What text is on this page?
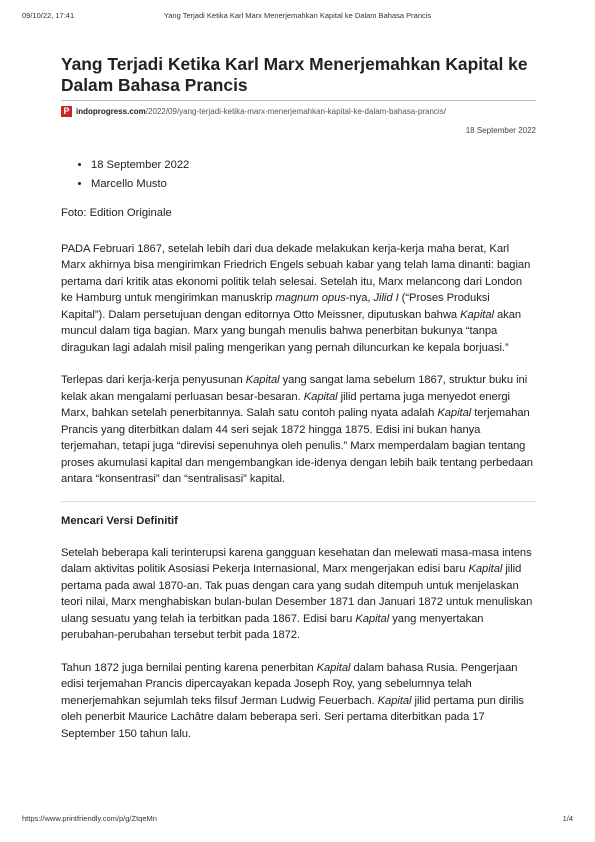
09/10/22, 17:41	Yang Terjadi Ketika Karl Marx Menerjemahkan Kapital ke Dalam Bahasa Prancis
Yang Terjadi Ketika Karl Marx Menerjemahkan Kapital ke Dalam Bahasa Prancis
P indoprogress.com/2022/09/yang-terjadi-ketika-marx-menerjemahkan-kapital-ke-dalam-bahasa-prancis/
18 September 2022
• 18 September 2022
• Marcello Musto

Foto: Edition Originale

PADA Februari 1867, setelah lebih dari dua dekade melakukan kerja-kerja maha berat, Karl Marx akhirnya bisa mengirimkan Friedrich Engels sebuah kabar yang telah lama dinanti: bagian pertama dari kritik atas ekonomi politik telah selesai. Setelah itu, Marx melancong dari London ke Hamburg untuk mengirimkan manuskrip magnum opus-nya, Jilid I (“Proses Produksi Kapital”). Dalam persetujuan dengan editornya Otto Meissner, diputuskan bahwa Kapital akan muncul dalam tiga bagian. Marx yang bungah menulis bahwa penerbitan bukunya “tanpa diragukan lagi adalah misil paling mengerikan yang pernah diluncurkan ke kepala borjuasi.”

Terlepas dari kerja-kerja penyusunan Kapital yang sangat lama sebelum 1867, struktur buku ini kelak akan mengalami perluasan besar-besaran. Kapital jilid pertama juga menyedot energi Marx, bahkan setelah penerbitannya. Salah satu contoh paling nyata adalah Kapital terjemahan Prancis yang diterbitkan dalam 44 seri sejak 1872 hingga 1875. Edisi ini bukan hanya terjemahan, tetapi juga “direvisi sepenuhnya oleh penulis.” Marx memperdalam bagian tentang proses akumulasi kapital dan mengembangkan ide-idenya dengan lebih baik tentang perbedaan antara “konsentrasi” dan “sentralisasi” kapital.

Mencari Versi Definitif

Setelah beberapa kali terinterupsi karena gangguan kesehatan dan melewati masa-masa intens dalam aktivitas politik Asosiasi Pekerja Internasional, Marx mengerjakan edisi baru Kapital jilid pertama pada awal 1870-an. Tak puas dengan cara yang sudah ditempuh untuk menjelaskan teori nilai, Marx menghabiskan bulan-bulan Desember 1871 dan Januari 1872 untuk menuliskan ulang sesuatu yang telah ia terbitkan pada 1867. Edisi baru Kapital yang menyertakan perubahan-perubahan tersebut terbit pada 1872.

Tahun 1872 juga bernilai penting karena penerbitan Kapital dalam bahasa Rusia. Pengerjaan edisi terjemahan Prancis dipercayakan kepada Joseph Roy, yang sebelumnya telah menerjemahkan sejumlah teks filsuf Jerman Ludwig Feuerbach. Kapital jilid pertama pun dirilis oleh penerbit Maurice Lachâtre dalam beberapa seri. Seri pertama diterbitkan pada 17 September 150 tahun lalu.

https://www.printfriendly.com/p/g/ZtqeMn	1/4
